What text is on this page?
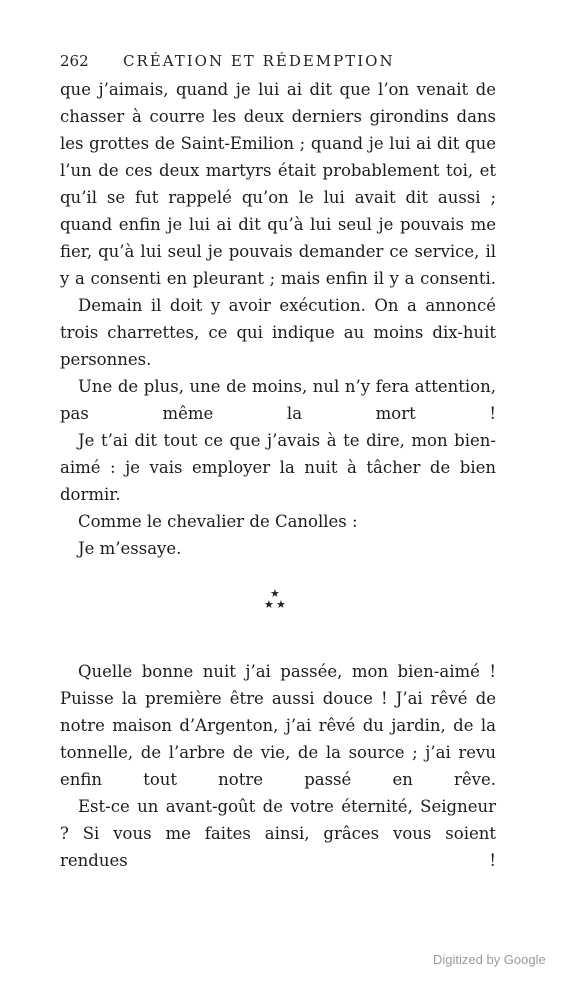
262 CRÉATION ET RÉDEMPTION

que j’aimais, quand je lui ai dit que l’on venait de chasser à courre les deux derniers girondins dans les grottes de Saint-Emilion ; quand je lui ai dit que l’un de ces deux martyrs était probablement toi, et qu’il se fut rappelé qu’on le lui avait dit aussi ; quand enfin je lui ai dit qu’à lui seul je pouvais me fier, qu’à lui seul je pouvais demander ce service, il y a consenti en pleurant ; mais enfin il y a consenti.

Demain il doit y avoir exécution. On a annoncé trois charrettes, ce qui indique au moins dix-huit personnes.

Une de plus, une de moins, nul n’y fera attention, pas même la mort !

Je t’ai dit tout ce que j’avais à te dire, mon bien-aimé : je vais employer la nuit à tâcher de bien dormir.

Comme le chevalier de Canolles :

Je m’essaye.

★
★ ★

Quelle bonne nuit j’ai passée, mon bien-aimé ! Puisse la première être aussi douce ! J’ai rêvé de notre maison d’Argenton, j’ai rêvé du jardin, de la tonnelle, de l’arbre de vie, de la source ; j’ai revu enfin tout notre passé en rêve.

Est-ce un avant-goût de votre éternité, Seigneur ? Si vous me faites ainsi, grâces vous soient rendues !

Digitized by Google
